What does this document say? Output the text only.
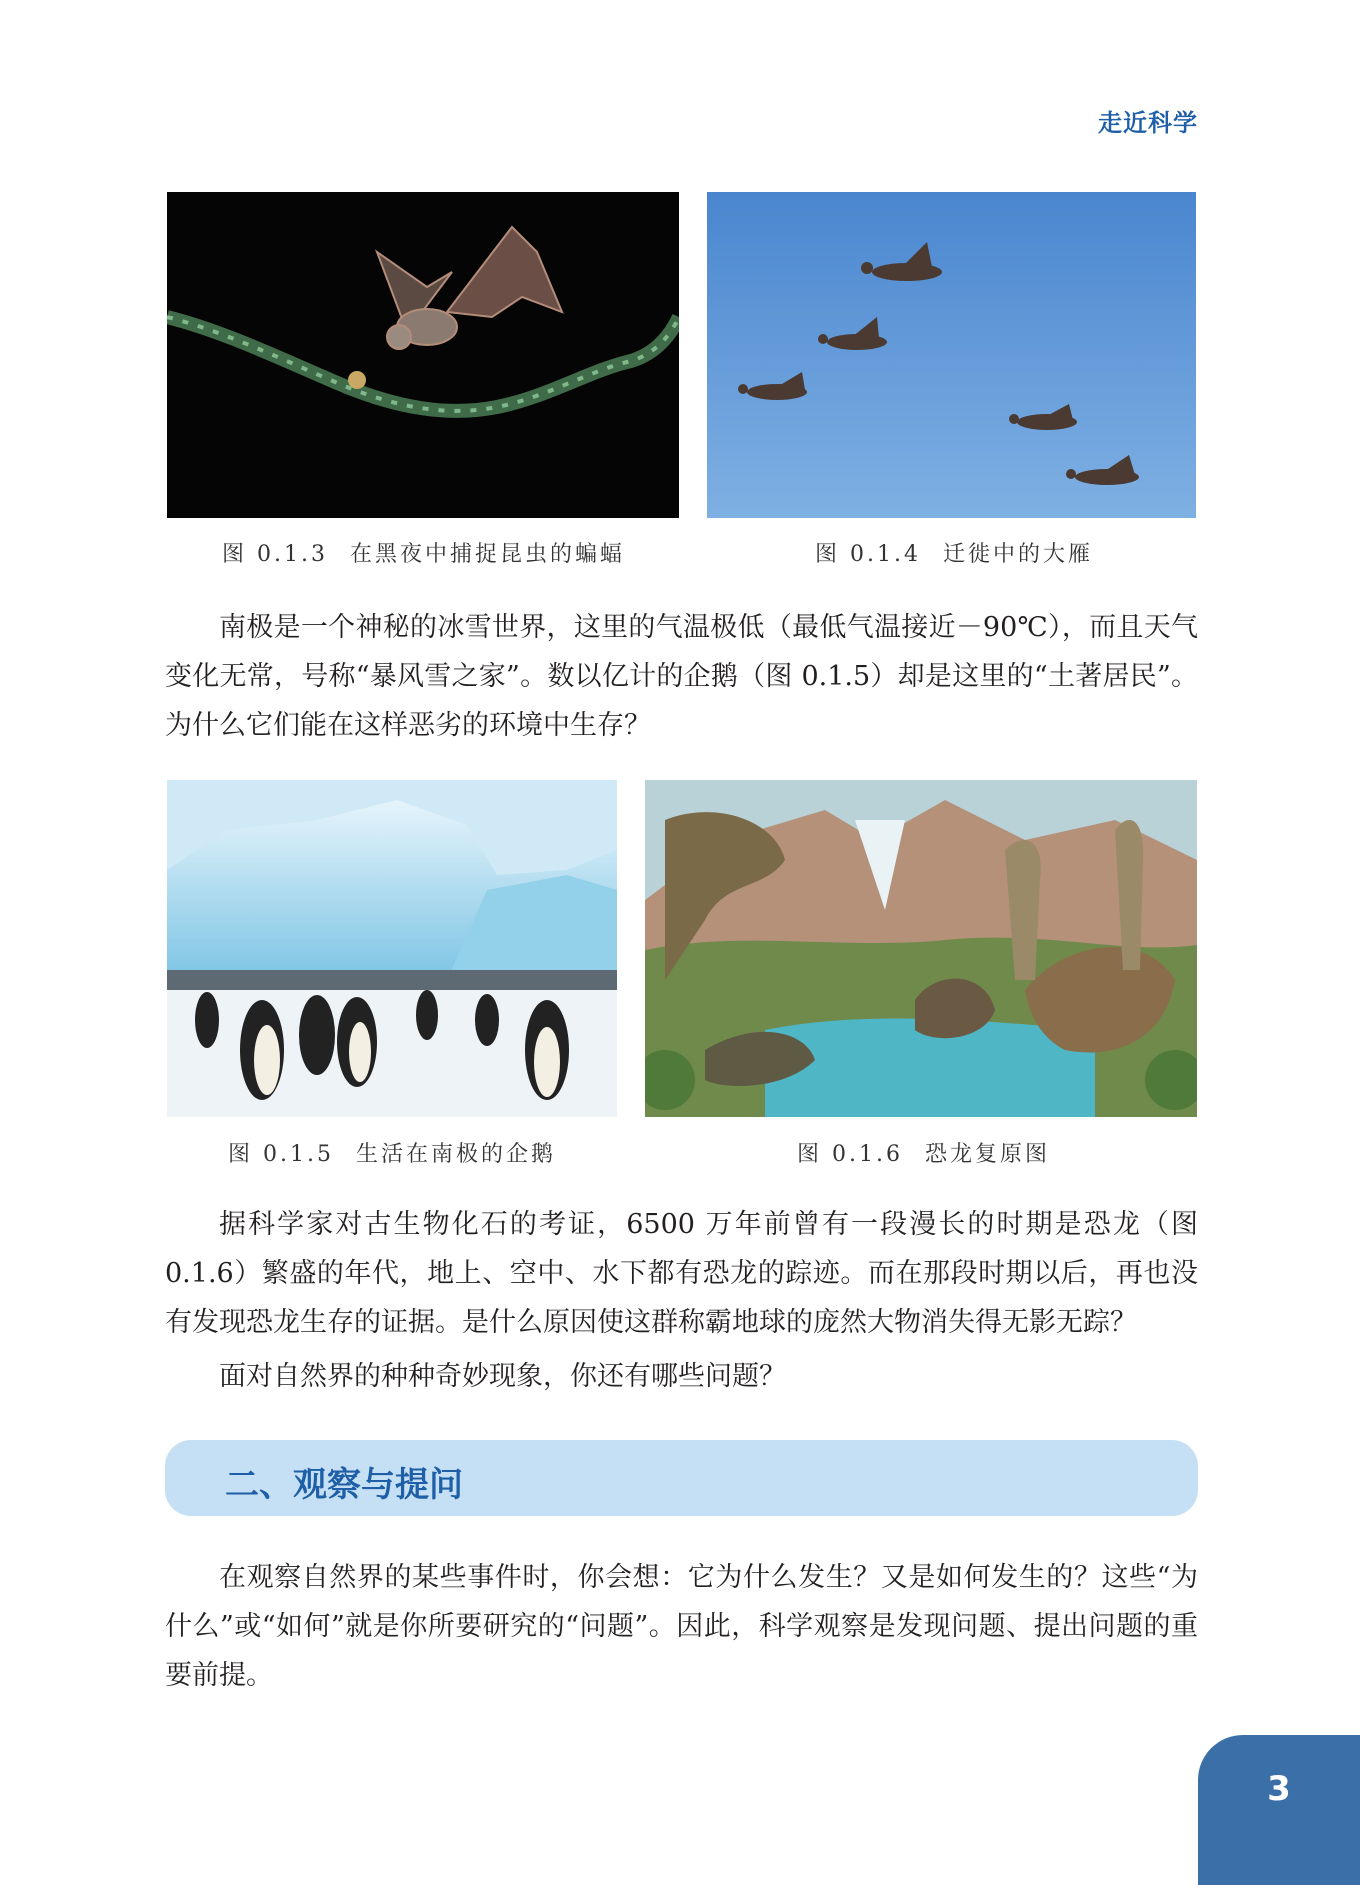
走近科学
图 0.1.3 在黑夜中捕捉昆虫的蝙蝠	图 0.1.4 迁徙中的大雁

南极是一个神秘的冰雪世界，这里的气温极低（最低气温接近－90℃），而且天气变化无常，号称“暴风雪之家”。数以亿计的企鹅（图 0.1.5）却是这里的“土著居民”。为什么它们能在这样恶劣的环境中生存？

图 0.1.5 生活在南极的企鹅	图 0.1.6 恐龙复原图

据科学家对古生物化石的考证，6500 万年前曾有一段漫长的时期是恐龙（图 0.1.6）繁盛的年代，地上、空中、水下都有恐龙的踪迹。而在那段时期以后，再也没有发现恐龙生存的证据。是什么原因使这群称霸地球的庞然大物消失得无影无踪？

面对自然界的种种奇妙现象，你还有哪些问题？

二、观察与提问

在观察自然界的某些事件时，你会想：它为什么发生？又是如何发生的？这些“为什么”或“如何”就是你所要研究的“问题”。因此，科学观察是发现问题、提出问题的重要前提。

3
